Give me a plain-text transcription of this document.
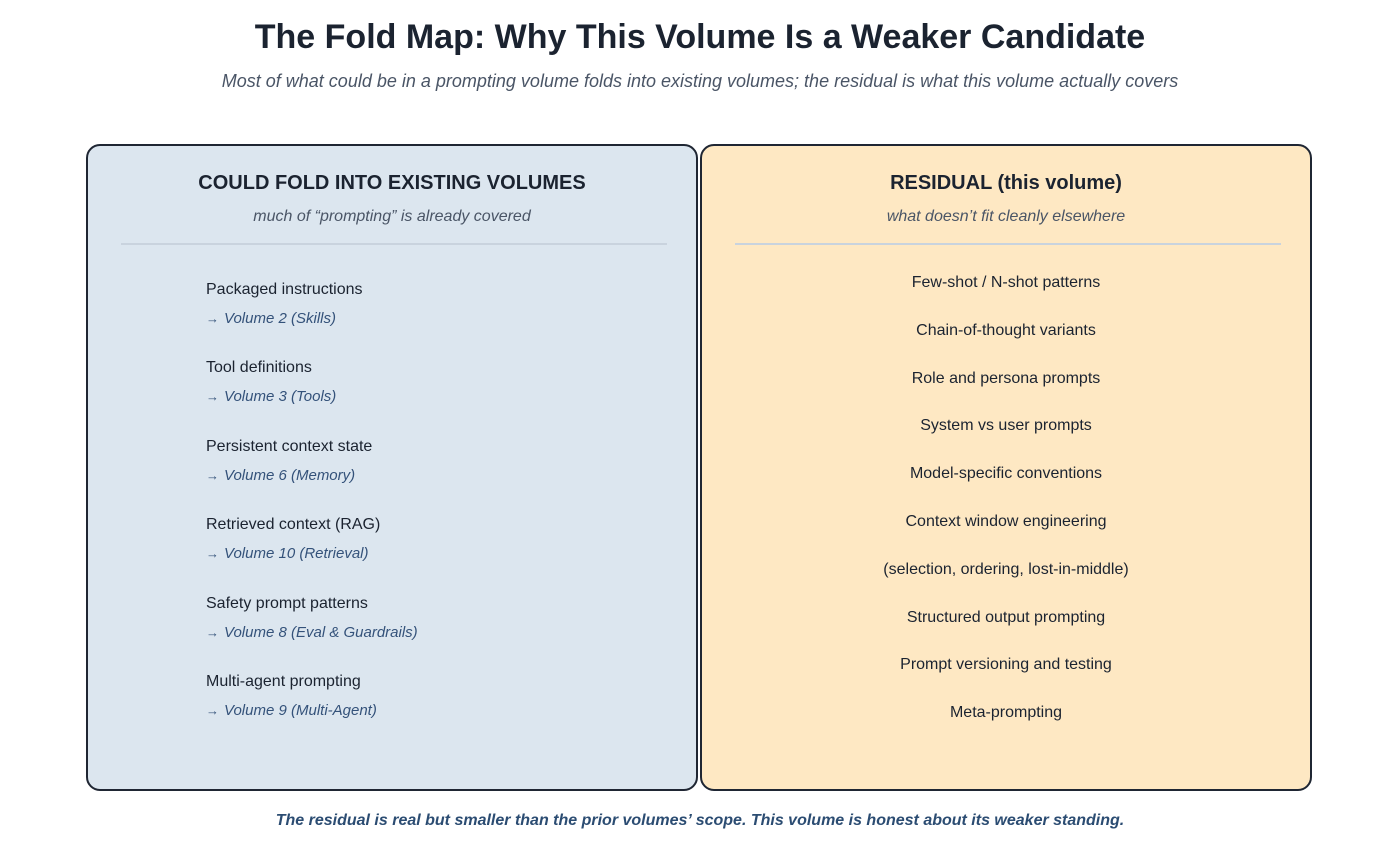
The Fold Map: Why This Volume Is a Weaker Candidate
Most of what could be in a prompting volume folds into existing volumes; the residual is what this volume actually covers
COULD FOLD INTO EXISTING VOLUMES
much of “prompting” is already covered
Packaged instructions
→ Volume 2 (Skills)
Tool definitions
→ Volume 3 (Tools)
Persistent context state
→ Volume 6 (Memory)
Retrieved context (RAG)
→ Volume 10 (Retrieval)
Safety prompt patterns
→ Volume 8 (Eval & Guardrails)
Multi-agent prompting
→ Volume 9 (Multi-Agent)
RESIDUAL (this volume)
what doesn’t fit cleanly elsewhere
Few-shot / N-shot patterns
Chain-of-thought variants
Role and persona prompts
System vs user prompts
Model-specific conventions
Context window engineering
(selection, ordering, lost-in-middle)
Structured output prompting
Prompt versioning and testing
Meta-prompting
The residual is real but smaller than the prior volumes’ scope. This volume is honest about its weaker standing.
